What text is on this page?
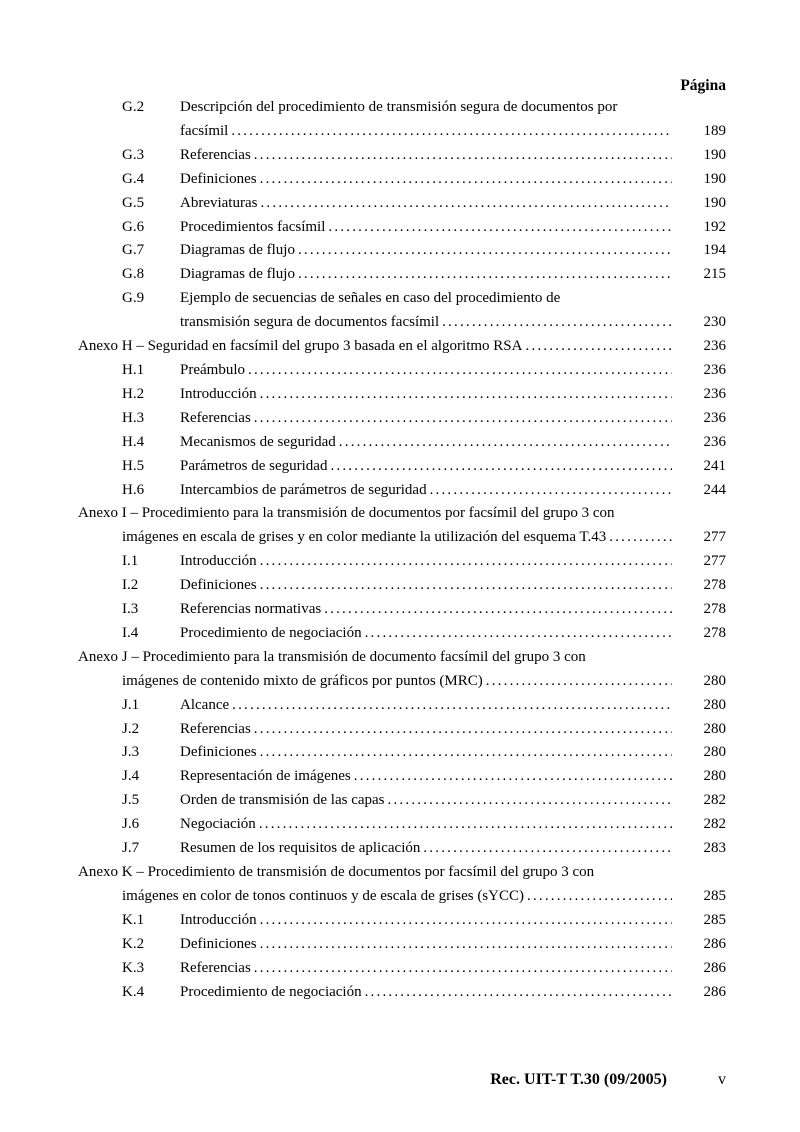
Página
G.2	Descripción del procedimiento de transmisión segura de documentos por
facsímil .....	189
G.3	Referencias .....	190
G.4	Definiciones .....	190
G.5	Abreviaturas .....	190
G.6	Procedimientos facsímil .....	192
G.7	Diagramas de flujo .....	194
G.8	Diagramas de flujo .....	215
G.9	Ejemplo de secuencias de señales en caso del procedimiento de
transmisión segura de documentos facsímil .....	230
Anexo H – Seguridad en facsímil del grupo 3 basada en el algoritmo RSA .....	236
H.1	Preámbulo .....	236
H.2	Introducción .....	236
H.3	Referencias .....	236
H.4	Mecanismos de seguridad .....	236
H.5	Parámetros de seguridad .....	241
H.6	Intercambios de parámetros de seguridad .....	244
Anexo I – Procedimiento para la transmisión de documentos por facsímil del grupo 3 con
imágenes en escala de grises y en color mediante la utilización del esquema T.43 .....	277
I.1	Introducción .....	277
I.2	Definiciones .....	278
I.3	Referencias normativas .....	278
I.4	Procedimiento de negociación .....	278
Anexo J – Procedimiento para la transmisión de documento facsímil del grupo 3 con
imágenes de contenido mixto de gráficos por puntos (MRC) .....	280
J.1	Alcance .....	280
J.2	Referencias .....	280
J.3	Definiciones .....	280
J.4	Representación de imágenes .....	280
J.5	Orden de transmisión de las capas .....	282
J.6	Negociación .....	282
J.7	Resumen de los requisitos de aplicación .....	283
Anexo K – Procedimiento de transmisión de documentos por facsímil del grupo 3 con
imágenes en color de tonos continuos y de escala de grises (sYCC) .....	285
K.1	Introducción .....	285
K.2	Definiciones .....	286
K.3	Referencias .....	286
K.4	Procedimiento de negociación .....	286
Rec. UIT-T T.30 (09/2005)	v
